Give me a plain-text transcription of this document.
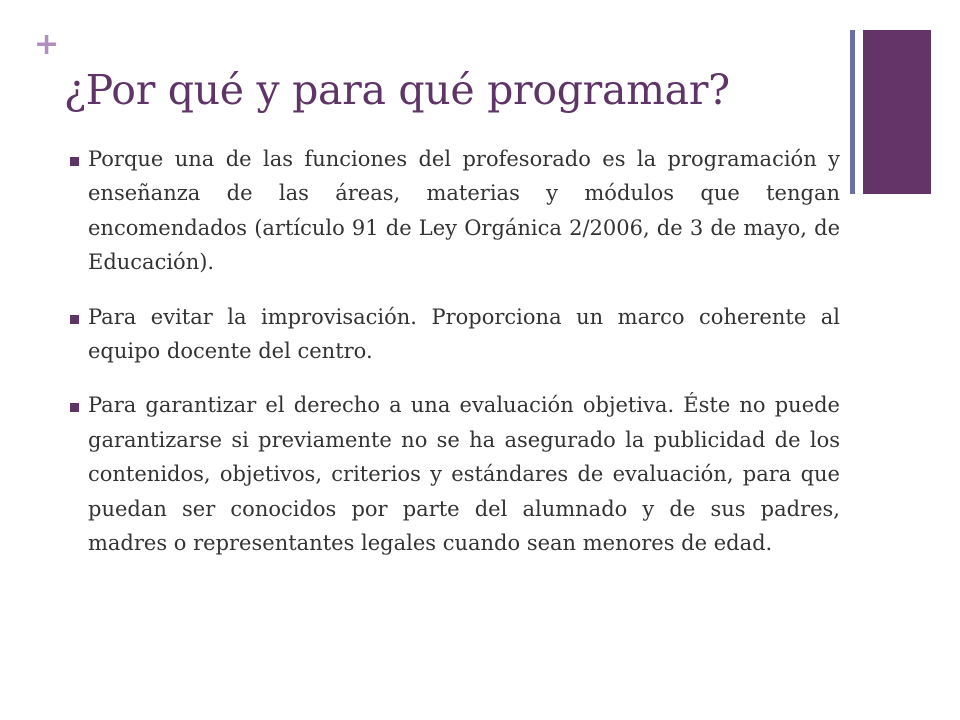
+
¿Por qué y para qué programar?
Porque una de las funciones del profesorado es la programación y enseñanza de las áreas, materias y módulos que tengan encomendados (artículo 91 de Ley Orgánica 2/2006, de 3 de mayo, de Educación).
Para evitar la improvisación. Proporciona un marco coherente al equipo docente del centro.
Para garantizar el derecho a una evaluación objetiva. Éste no puede garantizarse si previamente no se ha asegurado la publicidad de los contenidos, objetivos, criterios y estándares de evaluación, para que puedan ser conocidos por parte del alumnado y de sus padres, madres o representantes legales cuando sean menores de edad.
